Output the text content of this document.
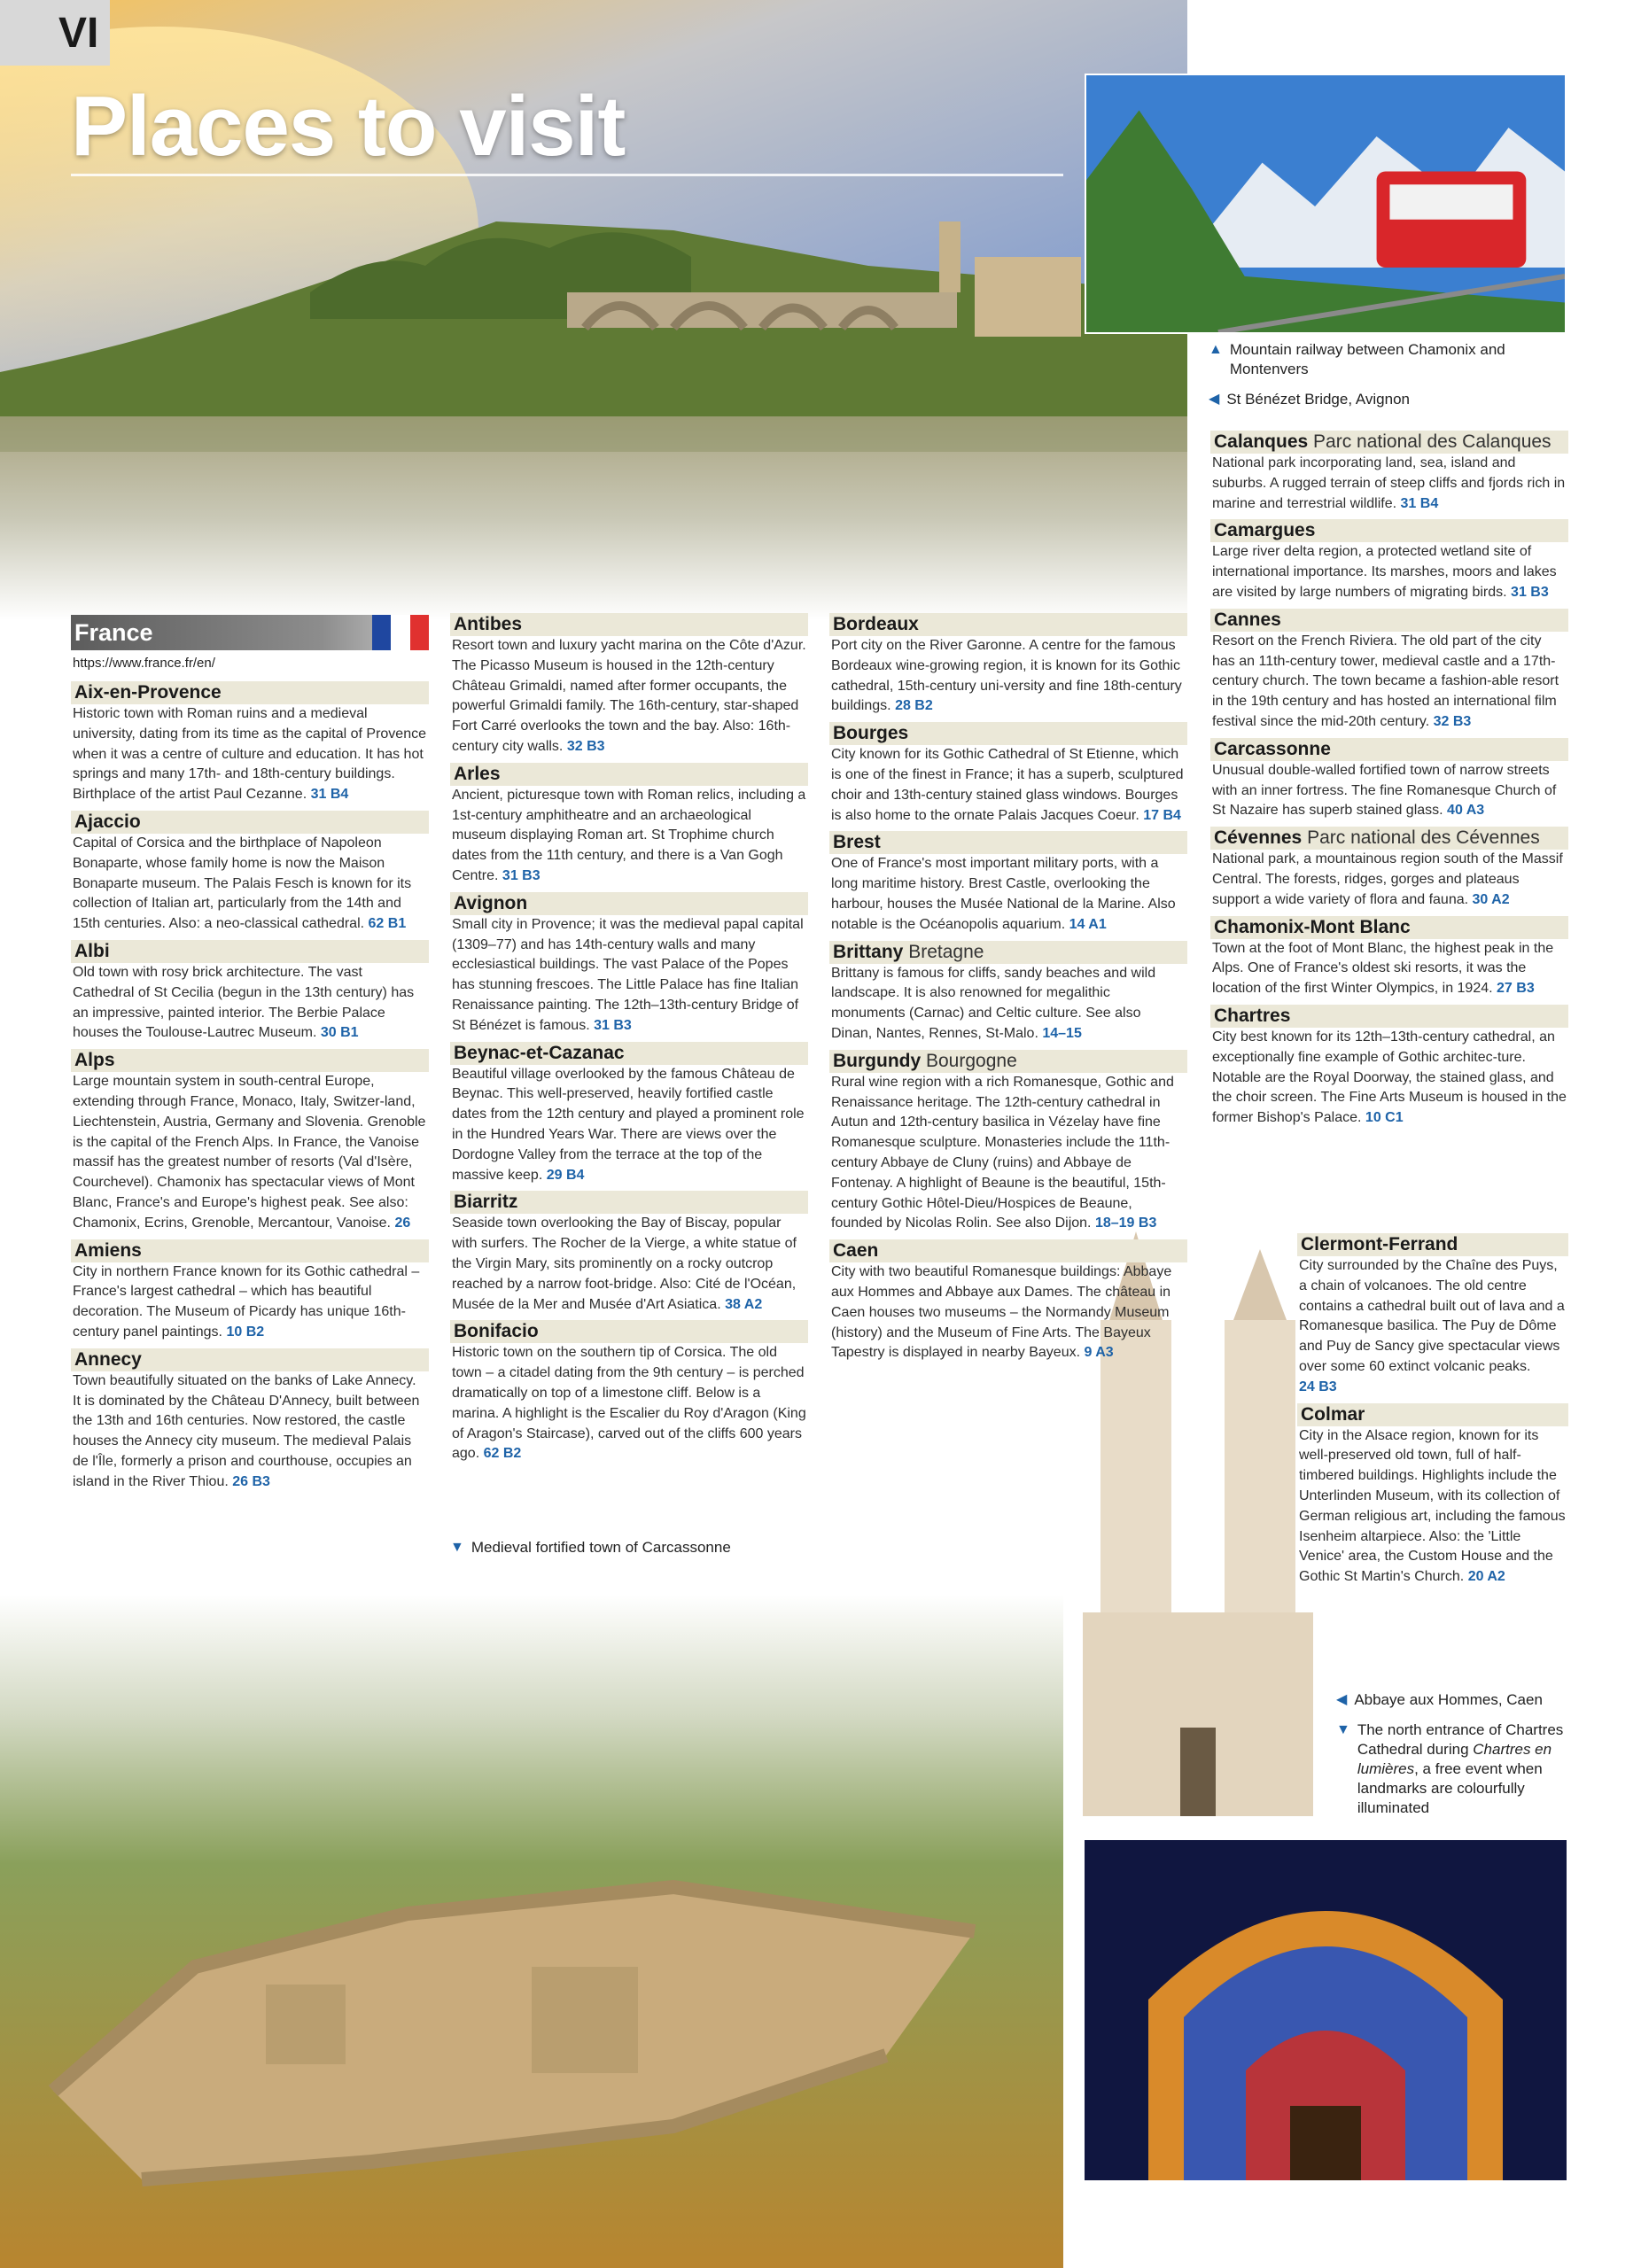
VI
Places to visit
▲ Mountain railway between Chamonix and Montenvers
◀ St Bénézet Bridge, Avignon
▼ Medieval fortified town of Carcassonne
◀ Abbaye aux Hommes, Caen
▼ The north entrance of Chartres Cathedral during Chartres en lumières, a free event when landmarks are colourfully illuminated
France
https://www.france.fr/en/
Aix-en-Provence
Historic town with Roman ruins and a medieval university, dating from its time as the capital of Provence when it was a centre of culture and education. It has hot springs and many 17th- and 18th-century buildings. Birthplace of the artist Paul Cezanne. 31 B4
Ajaccio
Capital of Corsica and the birthplace of Napoleon Bonaparte, whose family home is now the Maison Bonaparte museum. The Palais Fesch is known for its collection of Italian art, particularly from the 14th and 15th centuries. Also: a neo-classical cathedral. 62 B1
Albi
Old town with rosy brick architecture. The vast Cathedral of St Cecilia (begun in the 13th century) has an impressive, painted interior. The Berbie Palace houses the Toulouse-Lautrec Museum. 30 B1
Alps
Large mountain system in south-central Europe, extending through France, Monaco, Italy, Switzer-land, Liechtenstein, Austria, Germany and Slovenia. Grenoble is the capital of the French Alps. In France, the Vanoise massif has the greatest number of resorts (Val d'Isère, Courchevel). Chamonix has spectacular views of Mont Blanc, France's and Europe's highest peak. See also: Chamonix, Ecrins, Grenoble, Mercantour, Vanoise. 26
Amiens
City in northern France known for its Gothic cathedral – France's largest cathedral – which has beautiful decoration. The Museum of Picardy has unique 16th-century panel paintings. 10 B2
Annecy
Town beautifully situated on the banks of Lake Annecy. It is dominated by the Château D'Annecy, built between the 13th and 16th centuries. Now restored, the castle houses the Annecy city museum. The medieval Palais de l'Île, formerly a prison and courthouse, occupies an island in the River Thiou. 26 B3
Antibes
Resort town and luxury yacht marina on the Côte d'Azur. The Picasso Museum is housed in the 12th-century Château Grimaldi, named after former occupants, the powerful Grimaldi family. The 16th-century, star-shaped Fort Carré overlooks the town and the bay. Also: 16th-century city walls. 32 B3
Arles
Ancient, picturesque town with Roman relics, including a 1st-century amphitheatre and an archaeological museum displaying Roman art. St Trophime church dates from the 11th century, and there is a Van Gogh Centre. 31 B3
Avignon
Small city in Provence; it was the medieval papal capital (1309–77) and has 14th-century walls and many ecclesiastical buildings. The vast Palace of the Popes has stunning frescoes. The Little Palace has fine Italian Renaissance painting. The 12th–13th-century Bridge of St Bénézet is famous. 31 B3
Beynac-et-Cazanac
Beautiful village overlooked by the famous Château de Beynac. This well-preserved, heavily fortified castle dates from the 12th century and played a prominent role in the Hundred Years War. There are views over the Dordogne Valley from the terrace at the top of the massive keep. 29 B4
Biarritz
Seaside town overlooking the Bay of Biscay, popular with surfers. The Rocher de la Vierge, a white statue of the Virgin Mary, sits prominently on a rocky outcrop reached by a narrow foot-bridge. Also: Cité de l'Océan, Musée de la Mer and Musée d'Art Asiatica. 38 A2
Bonifacio
Historic town on the southern tip of Corsica. The old town – a citadel dating from the 9th century – is perched dramatically on top of a limestone cliff. Below is a marina. A highlight is the Escalier du Roy d'Aragon (King of Aragon's Staircase), carved out of the cliffs 600 years ago. 62 B2
Bordeaux
Port city on the River Garonne. A centre for the famous Bordeaux wine-growing region, it is known for its Gothic cathedral, 15th-century uni-versity and fine 18th-century buildings. 28 B2
Bourges
City known for its Gothic Cathedral of St Etienne, which is one of the finest in France; it has a superb, sculptured choir and 13th-century stained glass windows. Bourges is also home to the ornate Palais Jacques Coeur. 17 B4
Brest
One of France's most important military ports, with a long maritime history. Brest Castle, overlooking the harbour, houses the Musée National de la Marine. Also notable is the Océanopolis aquarium. 14 A1
Brittany Bretagne
Brittany is famous for cliffs, sandy beaches and wild landscape. It is also renowned for megalithic monuments (Carnac) and Celtic culture. See also Dinan, Nantes, Rennes, St-Malo. 14–15
Burgundy Bourgogne
Rural wine region with a rich Romanesque, Gothic and Renaissance heritage. The 12th-century cathedral in Autun and 12th-century basilica in Vézelay have fine Romanesque sculpture. Monasteries include the 11th-century Abbaye de Cluny (ruins) and Abbaye de Fontenay. A highlight of Beaune is the beautiful, 15th-century Gothic Hôtel-Dieu/Hospices de Beaune, founded by Nicolas Rolin. See also Dijon. 18–19 B3
Caen
City with two beautiful Romanesque buildings: Abbaye aux Hommes and Abbaye aux Dames. The château in Caen houses two museums – the Normandy Museum (history) and the Museum of Fine Arts. The Bayeux Tapestry is displayed in nearby Bayeux. 9 A3
Calanques Parc national des Calanques
National park incorporating land, sea, island and suburbs. A rugged terrain of steep cliffs and fjords rich in marine and terrestrial wildlife. 31 B4
Camargues
Large river delta region, a protected wetland site of international importance. Its marshes, moors and lakes are visited by large numbers of migrating birds. 31 B3
Cannes
Resort on the French Riviera. The old part of the city has an 11th-century tower, medieval castle and a 17th-century church. The town became a fashion-able resort in the 19th century and has hosted an international film festival since the mid-20th century. 32 B3
Carcassonne
Unusual double-walled fortified town of narrow streets with an inner fortress. The fine Romanesque Church of St Nazaire has superb stained glass. 40 A3
Cévennes Parc national des Cévennes
National park, a mountainous region south of the Massif Central. The forests, ridges, gorges and plateaus support a wide variety of flora and fauna. 30 A2
Chamonix-Mont Blanc
Town at the foot of Mont Blanc, the highest peak in the Alps. One of France's oldest ski resorts, it was the location of the first Winter Olympics, in 1924. 27 B3
Chartres
City best known for its 12th–13th-century cathedral, an exceptionally fine example of Gothic architec-ture. Notable are the Royal Doorway, the stained glass, and the choir screen. The Fine Arts Museum is housed in the former Bishop's Palace. 10 C1
Clermont-Ferrand
City surrounded by the Chaîne des Puys, a chain of volcanoes. The old centre contains a cathedral built out of lava and a Romanesque basilica. The Puy de Dôme and Puy de Sancy give spectacular views over some 60 extinct volcanic peaks. 24 B3
Colmar
City in the Alsace region, known for its well-preserved old town, full of half-timbered buildings. Highlights include the Unterlinden Museum, with its collection of German religious art, including the famous Isenheim altarpiece. Also: the 'Little Venice' area, the Custom House and the Gothic St Martin's Church. 20 A2
